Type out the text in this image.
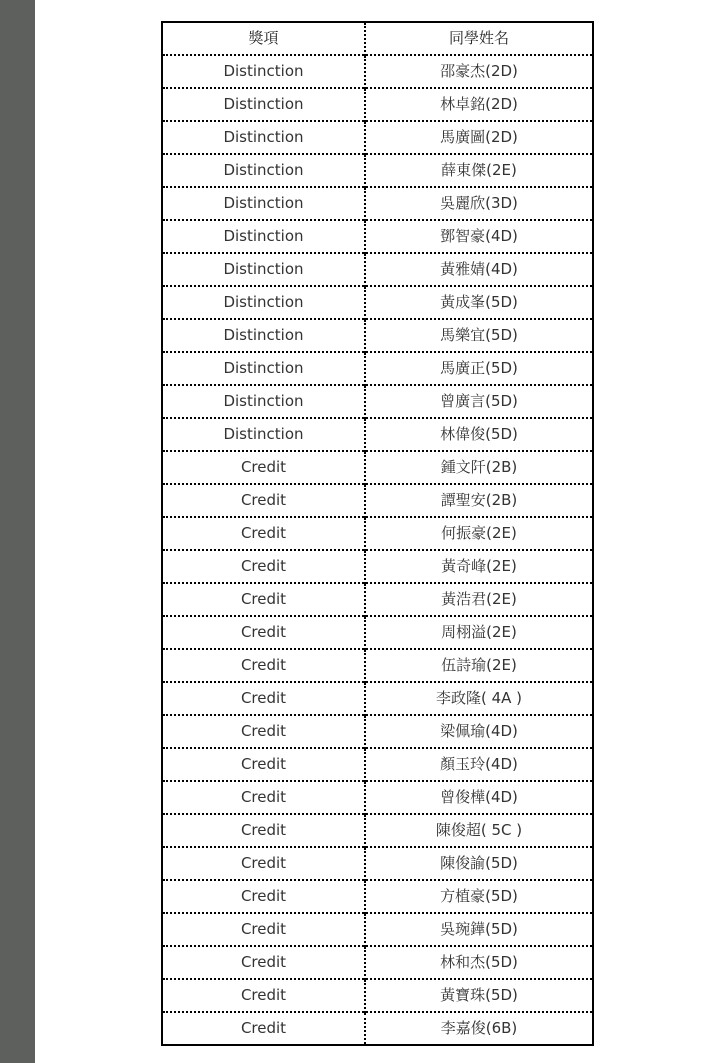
獎項	同學姓名
Distinction	邵豪杰(2D)
Distinction	林卓銘(2D)
Distinction	馬廣圖(2D)
Distinction	薛東傑(2E)
Distinction	吳麗欣(3D)
Distinction	鄧智豪(4D)
Distinction	黃雅婧(4D)
Distinction	黃成峯(5D)
Distinction	馬樂宜(5D)
Distinction	馬廣正(5D)
Distinction	曾廣言(5D)
Distinction	林偉俊(5D)
Credit	鍾文阡(2B)
Credit	譚聖安(2B)
Credit	何振豪(2E)
Credit	黃奇峰(2E)
Credit	黃浩君(2E)
Credit	周栩溢(2E)
Credit	伍詩瑜(2E)
Credit	李政隆( 4A )
Credit	梁佩瑜(4D)
Credit	顏玉玲(4D)
Credit	曾俊樺(4D)
Credit	陳俊超( 5C )
Credit	陳俊諭(5D)
Credit	方植豪(5D)
Credit	吳琬鏵(5D)
Credit	林和杰(5D)
Credit	黃寶珠(5D)
Credit	李嘉俊(6B)
